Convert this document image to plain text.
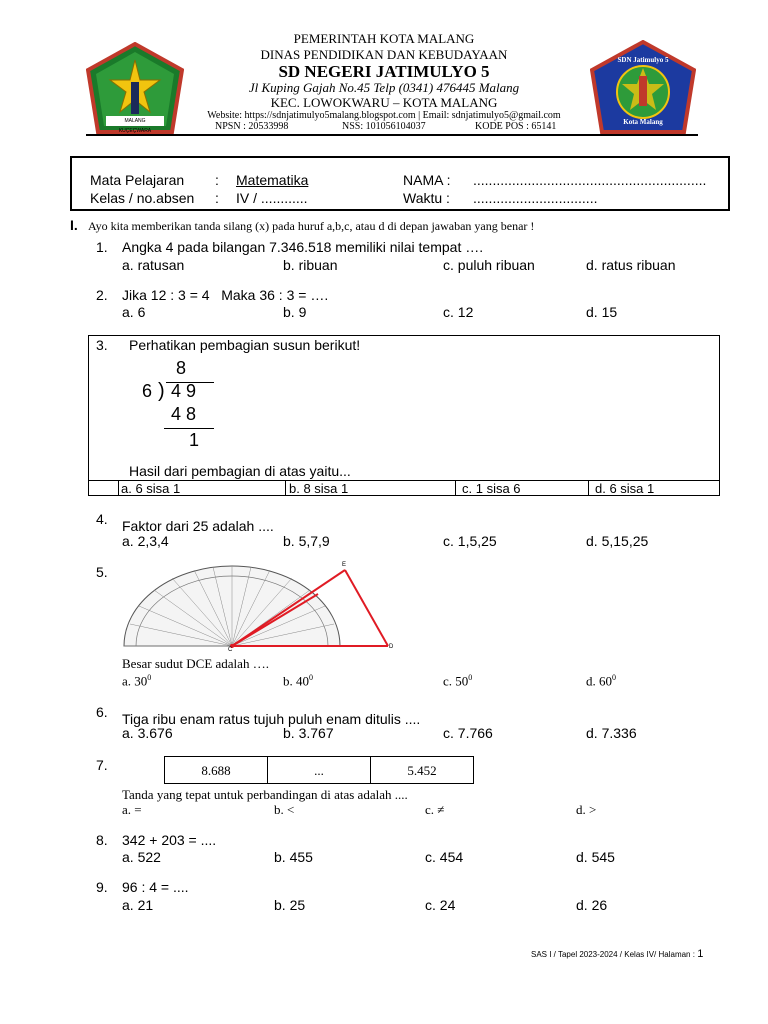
MALANG KUÇEÇWARA
SDN Jatimulyo 5
Kota Malang
PEMERINTAH KOTA MALANG
DINAS PENDIDIKAN DAN KEBUDAYAAN
SD NEGERI JATIMULYO 5
Jl Kuping Gajah No.45 Telp (0341) 476445 Malang
KEC. LOWOKWARU – KOTA MALANG
Website: https://sdnjatimulyo5malang.blogspot.com | Email: sdnjatimulyo5@gmail.com
NPSN : 20533998	NSS: 101056104037	KODE POS : 65141
Mata Pelajaran : Matematika	NAMA : ............................................................
Kelas / no.absen : IV / ............	Waktu : ................................
I. Ayo kita memberikan tanda silang (x) pada huruf a,b,c, atau d di depan jawaban yang benar !
1. Angka 4 pada bilangan 7.346.518 memiliki nilai tempat ….
a. ratusan	b. ribuan	c. puluh ribuan	d. ratus ribuan
2. Jika 12 : 3 = 4   Maka 36 : 3 = ….
a. 6	b. 9	c. 12	d. 15
3. Perhatikan pembagian susun berikut!
8
6 ) 4 9
4 8
1
Hasil dari pembagian di atas yaitu...
a. 6 sisa 1	b. 8 sisa 1	c. 1 sisa 6	d. 6 sisa 1
4. Faktor dari 25 adalah ....
a. 2,3,4	b. 5,7,9	c. 1,5,25	d. 5,15,25
5.
C	D
E
Besar sudut DCE adalah ….
a. $30^0$	b. $40^0$	c. $50^0$	d. $60^0$
6. Tiga ribu enam ratus tujuh puluh enam ditulis ....
a. 3.676	b. 3.767	c. 7.766	d. 7.336
7.	8.688	...	5.452
Tanda yang tepat untuk perbandingan di atas adalah ....
a. =	b. <	c. ≠	d. >
8. 342 + 203 = ....
a. 522	b. 455	c. 454	d. 545
9. 96 : 4 = ....
a. 21	b. 25	c. 24	d. 26
SAS I / Tapel 2023-2024 / Kelas IV/ Halaman : 1
